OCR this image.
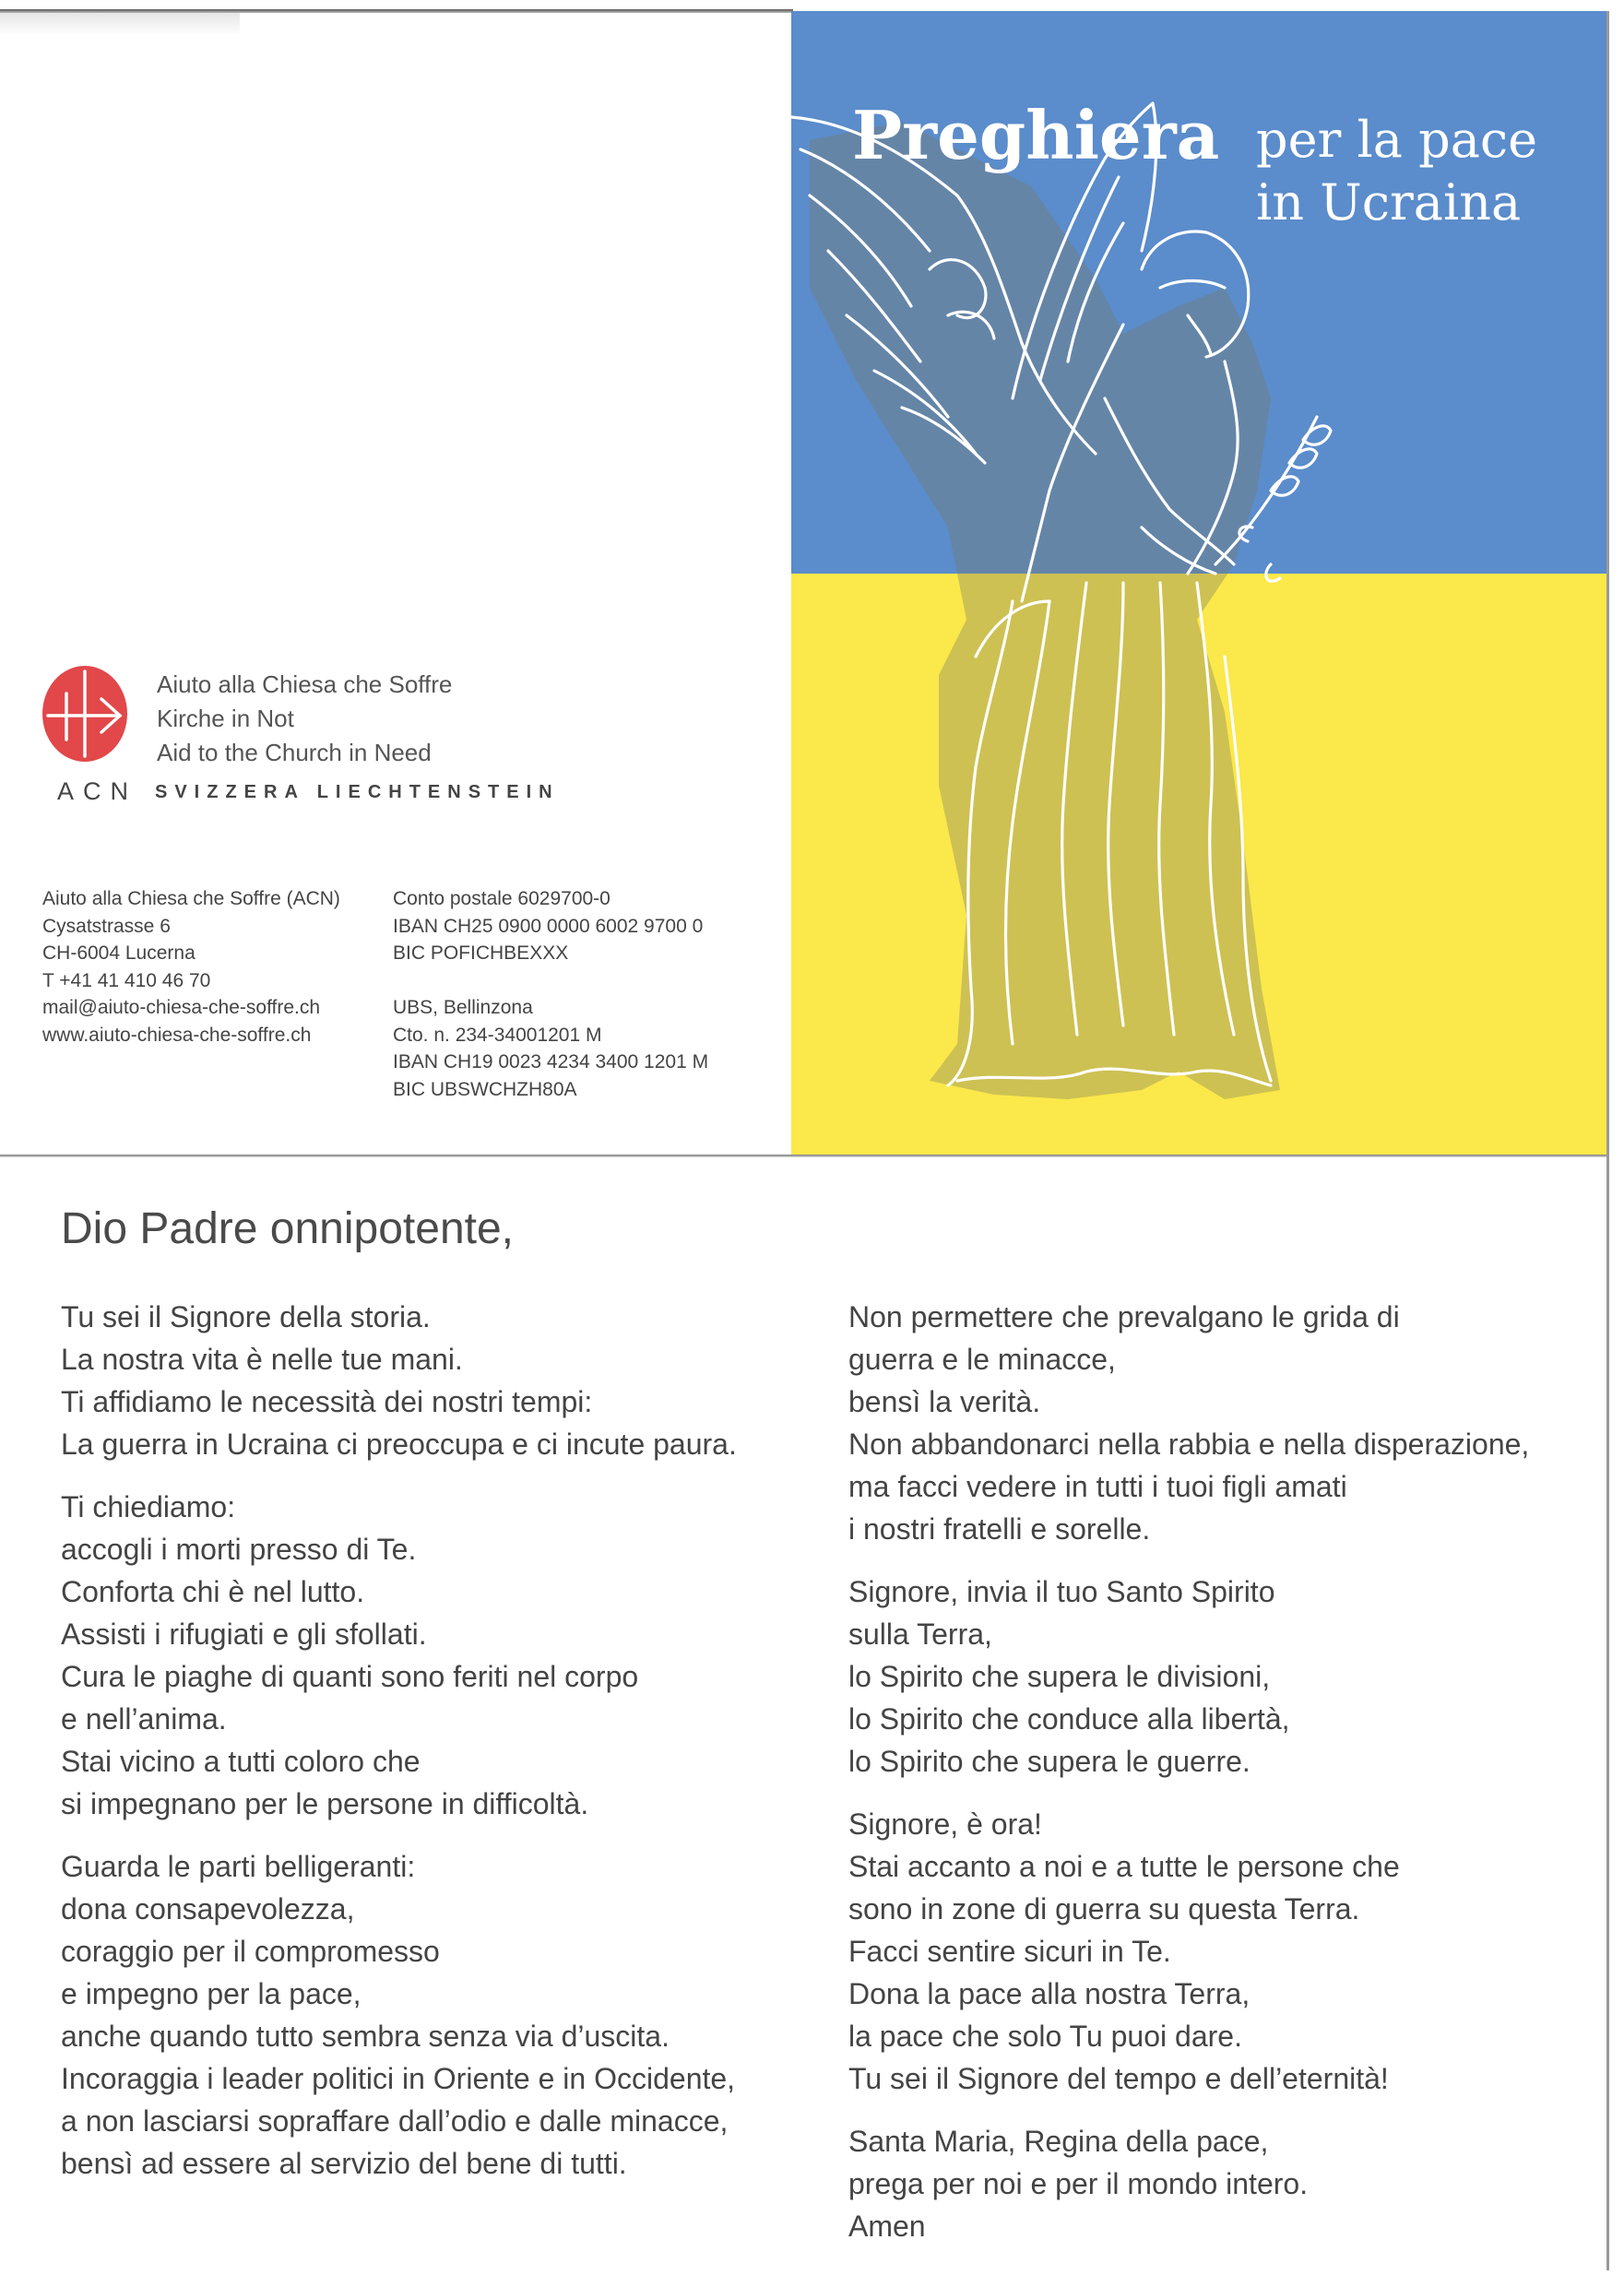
Preghiera per la pace
in Ucraina
Aiuto alla Chiesa che Soffre
Kirche in Not
Aid to the Church in Need
ACN SVIZZERA LIECHTENSTEIN
Aiuto alla Chiesa che Soffre (ACN)
Cysatstrasse 6
CH-6004 Lucerna
T +41 41 410 46 70
mail@aiuto-chiesa-che-soffre.ch
www.aiuto-chiesa-che-soffre.ch
Conto postale 6029700-0
IBAN CH25 0900 0000 6002 9700 0
BIC POFICHBEXXX
UBS, Bellinzona
Cto. n. 234-34001201 M
IBAN CH19 0023 4234 3400 1201 M
BIC UBSWCHZH80A
Dio Padre onnipotente,
Tu sei il Signore della storia.
La nostra vita è nelle tue mani.
Ti affidiamo le necessità dei nostri tempi:
La guerra in Ucraina ci preoccupa e ci incute paura.
Ti chiediamo:
accogli i morti presso di Te.
Conforta chi è nel lutto.
Assisti i rifugiati e gli sfollati.
Cura le piaghe di quanti sono feriti nel corpo
e nell’anima.
Stai vicino a tutti coloro che
si impegnano per le persone in difficoltà.
Guarda le parti belligeranti:
dona consapevolezza,
coraggio per il compromesso
e impegno per la pace,
anche quando tutto sembra senza via d’uscita.
Incoraggia i leader politici in Oriente e in Occidente,
a non lasciarsi sopraffare dall’odio e dalle minacce,
bensì ad essere al servizio del bene di tutti.
Non permettere che prevalgano le grida di
guerra e le minacce,
bensì la verità.
Non abbandonarci nella rabbia e nella disperazione,
ma facci vedere in tutti i tuoi figli amati
i nostri fratelli e sorelle.
Signore, invia il tuo Santo Spirito
sulla Terra,
lo Spirito che supera le divisioni,
lo Spirito che conduce alla libertà,
lo Spirito che supera le guerre.
Signore, è ora!
Stai accanto a noi e a tutte le persone che
sono in zone di guerra su questa Terra.
Facci sentire sicuri in Te.
Dona la pace alla nostra Terra,
la pace che solo Tu puoi dare.
Tu sei il Signore del tempo e dell’eternità!
Santa Maria, Regina della pace,
prega per noi e per il mondo intero.
Amen
